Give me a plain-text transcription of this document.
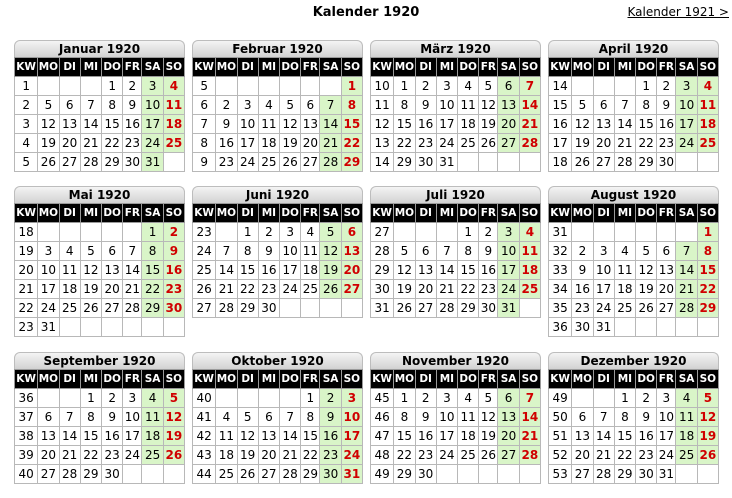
Kalender 1920	Kalender 1921 >
Januar 1920
KW	MO	DI	MI	DO	FR	SA	SO
1				1	2	3	4
2	5	6	7	8	9	10	11
3	12	13	14	15	16	17	18
4	19	20	21	22	23	24	25
5	26	27	28	29	30	31	
Februar 1920
KW	MO	DI	MI	DO	FR	SA	SO
5							1
6	2	3	4	5	6	7	8
7	9	10	11	12	13	14	15
8	16	17	18	19	20	21	22
9	23	24	25	26	27	28	29
März 1920
KW	MO	DI	MI	DO	FR	SA	SO
10	1	2	3	4	5	6	7
11	8	9	10	11	12	13	14
12	15	16	17	18	19	20	21
13	22	23	24	25	26	27	28
14	29	30	31				
April 1920
KW	MO	DI	MI	DO	FR	SA	SO
14				1	2	3	4
15	5	6	7	8	9	10	11
16	12	13	14	15	16	17	18
17	19	20	21	22	23	24	25
18	26	27	28	29	30		
Mai 1920
KW	MO	DI	MI	DO	FR	SA	SO
18						1	2
19	3	4	5	6	7	8	9
20	10	11	12	13	14	15	16
21	17	18	19	20	21	22	23
22	24	25	26	27	28	29	30
23	31						
Juni 1920
KW	MO	DI	MI	DO	FR	SA	SO
23		1	2	3	4	5	6
24	7	8	9	10	11	12	13
25	14	15	16	17	18	19	20
26	21	22	23	24	25	26	27
27	28	29	30				
Juli 1920
KW	MO	DI	MI	DO	FR	SA	SO
27				1	2	3	4
28	5	6	7	8	9	10	11
29	12	13	14	15	16	17	18
30	19	20	21	22	23	24	25
31	26	27	28	29	30	31	
August 1920
KW	MO	DI	MI	DO	FR	SA	SO
31							1
32	2	3	4	5	6	7	8
33	9	10	11	12	13	14	15
34	16	17	18	19	20	21	22
35	23	24	25	26	27	28	29
36	30	31					
September 1920
KW	MO	DI	MI	DO	FR	SA	SO
36			1	2	3	4	5
37	6	7	8	9	10	11	12
38	13	14	15	16	17	18	19
39	20	21	22	23	24	25	26
40	27	28	29	30			
Oktober 1920
KW	MO	DI	MI	DO	FR	SA	SO
40					1	2	3
41	4	5	6	7	8	9	10
42	11	12	13	14	15	16	17
43	18	19	20	21	22	23	24
44	25	26	27	28	29	30	31
November 1920
KW	MO	DI	MI	DO	FR	SA	SO
45	1	2	3	4	5	6	7
46	8	9	10	11	12	13	14
47	15	16	17	18	19	20	21
48	22	23	24	25	26	27	28
49	29	30					
Dezember 1920
KW	MO	DI	MI	DO	FR	SA	SO
49			1	2	3	4	5
50	6	7	8	9	10	11	12
51	13	14	15	16	17	18	19
52	20	21	22	23	24	25	26
53	27	28	29	30	31		
